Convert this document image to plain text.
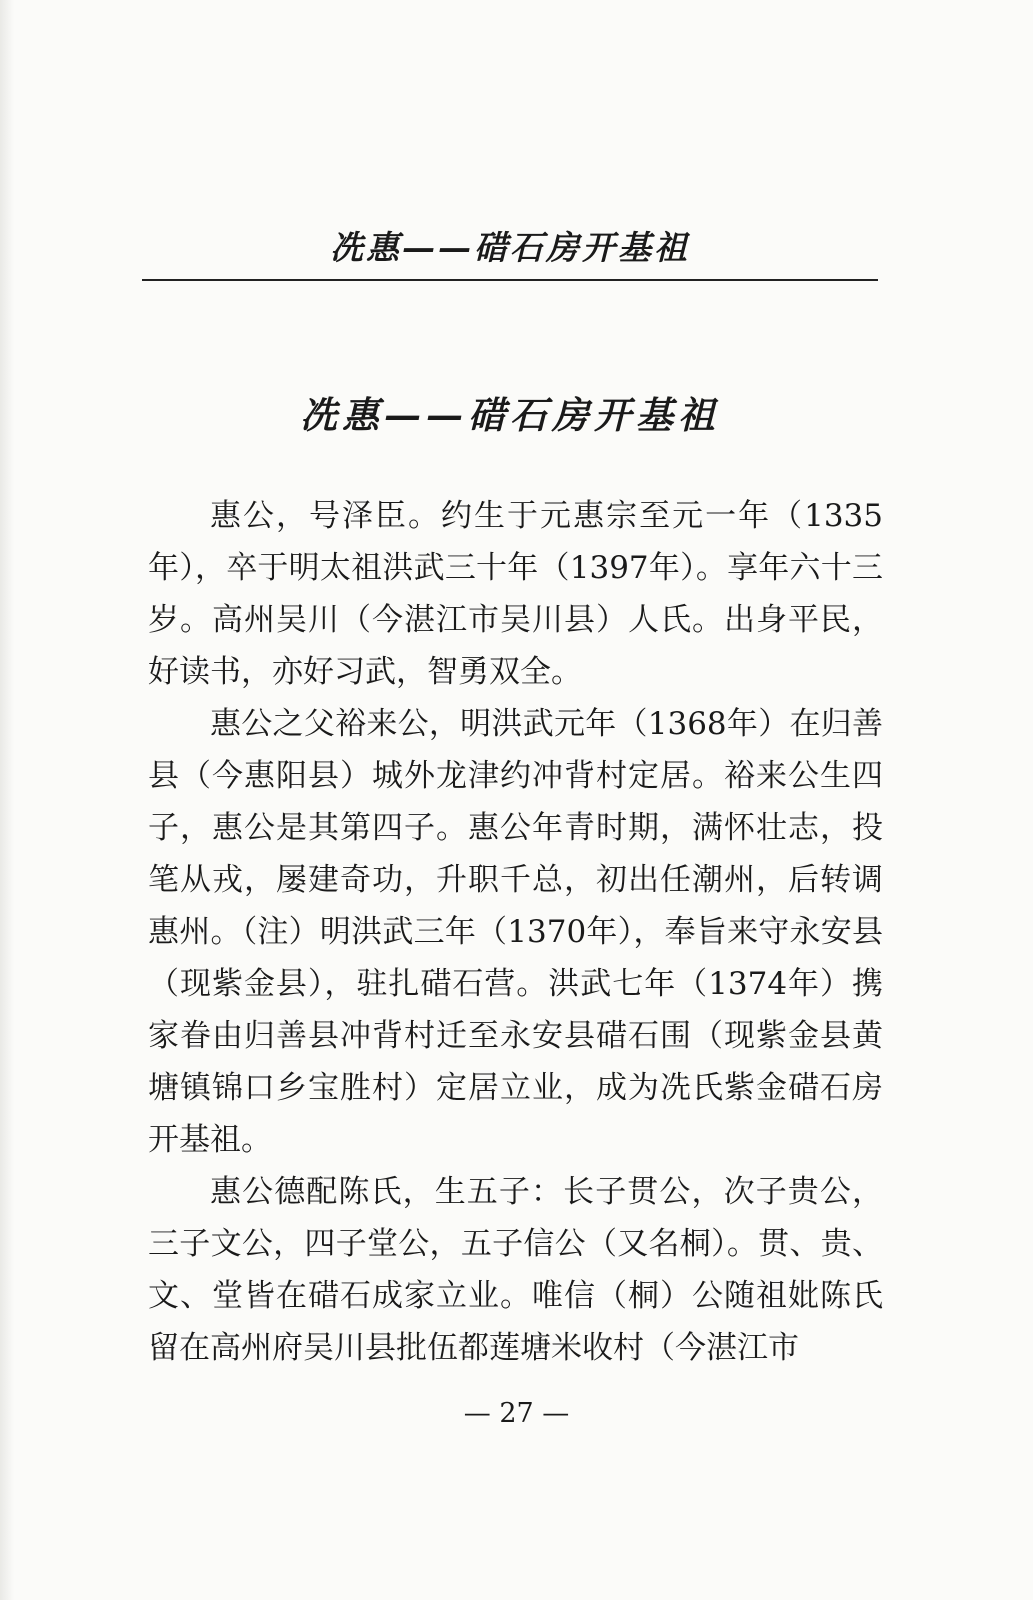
冼惠——碏石房开基祖
冼惠——碏石房开基祖

惠公，号泽臣。约生于元惠宗至元一年（1335年），卒于明太祖洪武三十年（1397年）。享年六十三岁。高州吴川（今湛江市吴川县）人氏。出身平民，好读书，亦好习武，智勇双全。

惠公之父裕来公，明洪武元年（1368年）在归善县（今惠阳县）城外龙津约冲背村定居。裕来公生四子，惠公是其第四子。惠公年青时期，满怀壮志，投笔从戎，屡建奇功，升职千总，初出任潮州，后转调惠州。（注）明洪武三年（1370年），奉旨来守永安县（现紫金县），驻扎碏石营。洪武七年（1374年）携家眷由归善县冲背村迁至永安县碏石围（现紫金县黄塘镇锦口乡宝胜村）定居立业，成为冼氏紫金碏石房开基祖。

惠公德配陈氏，生五子：长子贯公，次子贵公，三子文公，四子堂公，五子信公（又名桐）。贯、贵、文、堂皆在碏石成家立业。唯信（桐）公随祖妣陈氏留在高州府吴川县批伍都莲塘米收村（今湛江市

— 27 —
